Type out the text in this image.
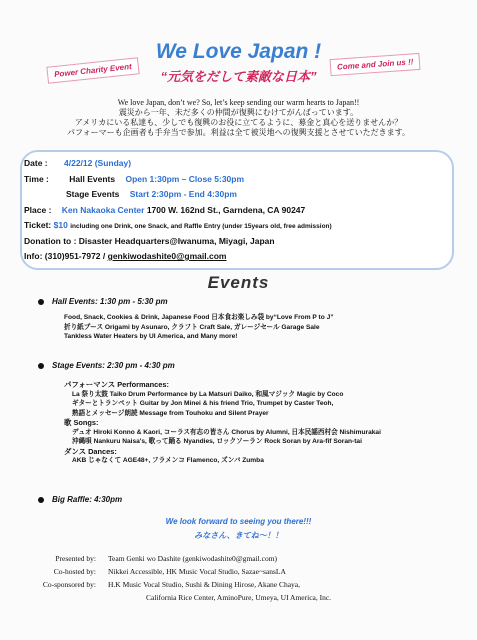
We Love Japan !
“元気をだして素敵な日本”
Power Charity Event	Come and Join us !!
We love Japan, don’t we? So, let’s keep sending our warm hearts to Japan!!
震災から一年、未だ多くの仲間が復興にむけてがんばっています。
アメリカにいる私達も、少しでも復興のお役に立てるように、募金と真心を送りませんか？
パフォーマーも企画者も手弁当で参加。利益は全て被災地への復興支援とさせていただきます。
Date : 4/22/12 (Sunday)
Time : Hall Events Open 1:30pm – Close 5:30pm
Stage Events Start 2:30pm - End 4:30pm
Place : Ken Nakaoka Center 1700 W. 162nd St., Garndena, CA 90247
Ticket: $10 including one Drink, one Snack, and Raffle Entry (under 15years old, free admission)
Donation to : Disaster Headquarters@Iwanuma, Miyagi, Japan
Info: (310)951-7972 / genkiwodashite0@gmail.com
Events
Hall Events: 1:30 pm - 5:30 pm
Food, Snack, Cookies & Drink, Japanese Food 日本食お楽しみ袋 by“Love From P to J”
折り紙ブース Origami by Asunaro, クラフト Craft Sale, ガレージセール Garage Sale
Tankless Water Heaters by UI America, and Many more!
Stage Events: 2:30 pm - 4:30 pm
パフォーマンス Performances:
La 祭り太鼓 Taiko Drum Performance by La Matsuri Daiko, 和風マジック Magic by Coco
ギターとトランペット Guitar by Jon Minei & his friend Trio, Trumpet by Caster Teoh,
熟語とメッセージ朗読 Message from Touhoku and Silent Prayer
歌 Songs:
デュオ Hiroki Konno & Kaori, コーラス有志の皆さん Chorus by Alumni, 日本民謡西村会 Nishimurakai
沖縄唄 Nankuru Naisa's, 歌って踊る Nyandies, ロックソーラン Rock Soran by Ara-fif Soran-tai
ダンス Dances:
AKB じゃなくて AGE48+, フラメンコ Flamenco, ズンバ Zumba
Big Raffle: 4:30pm
We look forward to seeing you there!!!
みなさん、きてね～！！
Presented by: Team Genki wo Dashite (genkiwodashite0@gmail.com)
Co-hosted by: Nikkei Accessible, HK Music Vocal Studio, Sazae~sansLA
Co-sponsored by: H.K Music Vocal Studio, Sushi & Dining Hirose, Akane Chaya,
California Rice Center, AminoPure, Umeya, UI America, Inc.
